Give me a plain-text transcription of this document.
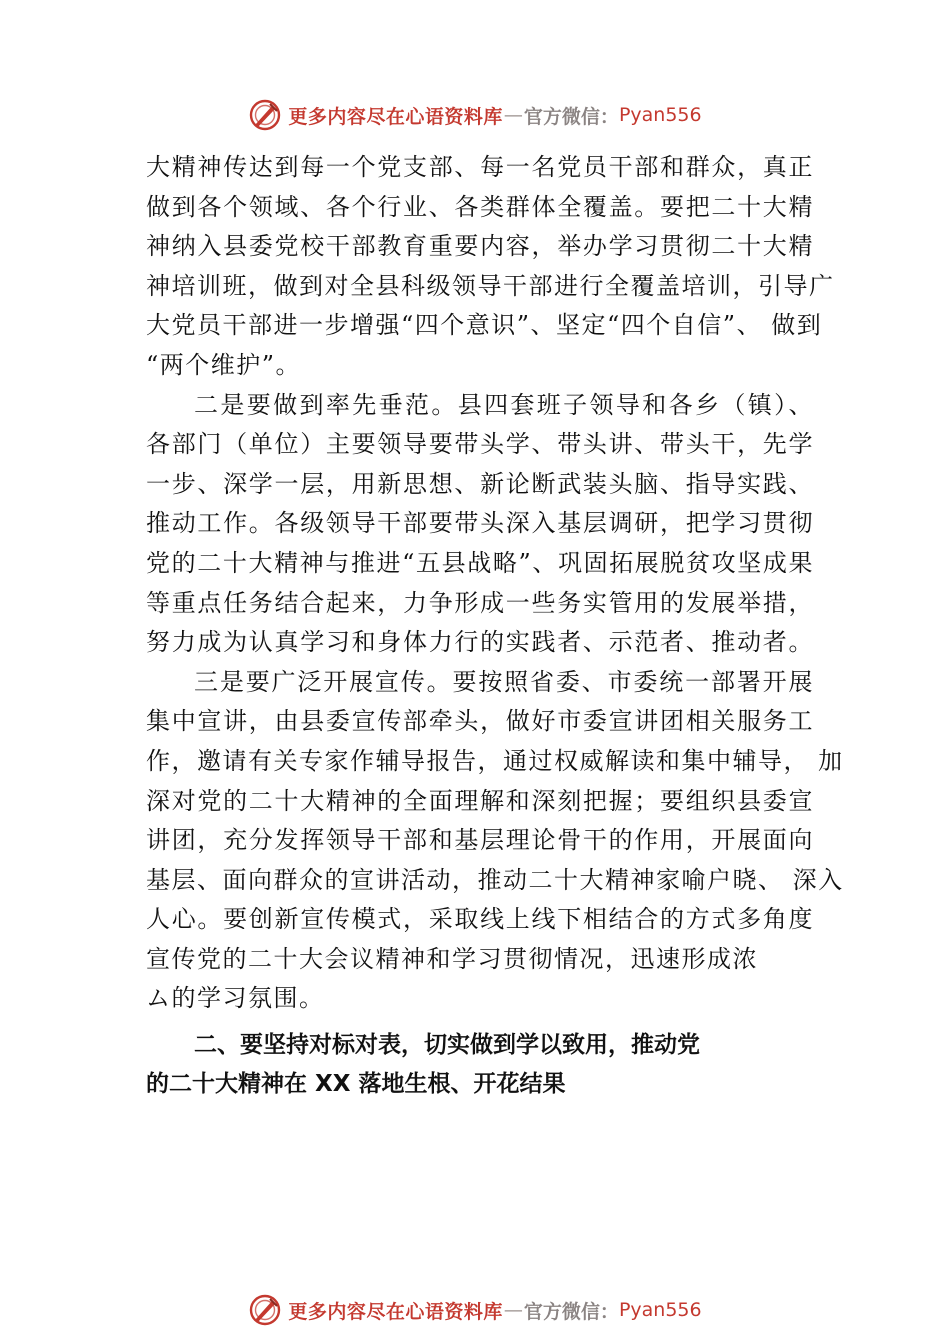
更多内容尽在心语资料库 — 官方微信： Pyan556
大精神传达到每一个党支部、每一名党员干部和群众，真正
做到各个领域、各个行业、各类群体全覆盖。要把二十大精
神纳入县委党校干部教育重要内容，举办学习贯彻二十大精
神培训班，做到对全县科级领导干部进行全覆盖培训，引导广
大党员干部进一步增强“四个意识”、坚定“四个自信”、 做到
“两个维护”。
二是要做到率先垂范。县四套班子领导和各乡（镇）、
各部门（单位）主要领导要带头学、带头讲、带头干，先学
一步、深学一层，用新思想、新论断武装头脑、指导实践、
推动工作。各级领导干部要带头深入基层调研，把学习贯彻
党的二十大精神与推进“五县战略”、巩固拓展脱贫攻坚成果
等重点任务结合起来，力争形成一些务实管用的发展举措，
努力成为认真学习和身体力行的实践者、示范者、推动者。
三是要广泛开展宣传。要按照省委、市委统一部署开展
集中宣讲，由县委宣传部牵头，做好市委宣讲团相关服务工
作，邀请有关专家作辅导报告，通过权威解读和集中辅导， 加
深对党的二十大精神的全面理解和深刻把握；要组织县委宣
讲团，充分发挥领导干部和基层理论骨干的作用，开展面向
基层、面向群众的宣讲活动，推动二十大精神家喻户晓、 深入
人心。要创新宣传模式，采取线上线下相结合的方式多角度
宣传党的二十大会议精神和学习贯彻情况，迅速形成浓
ム的学习氛围。
二、要坚持对标对表，切实做到学以致用，推动党
的二十大精神在 XX 落地生根、开花结果
更多内容尽在心语资料库 — 官方微信： Pyan556
